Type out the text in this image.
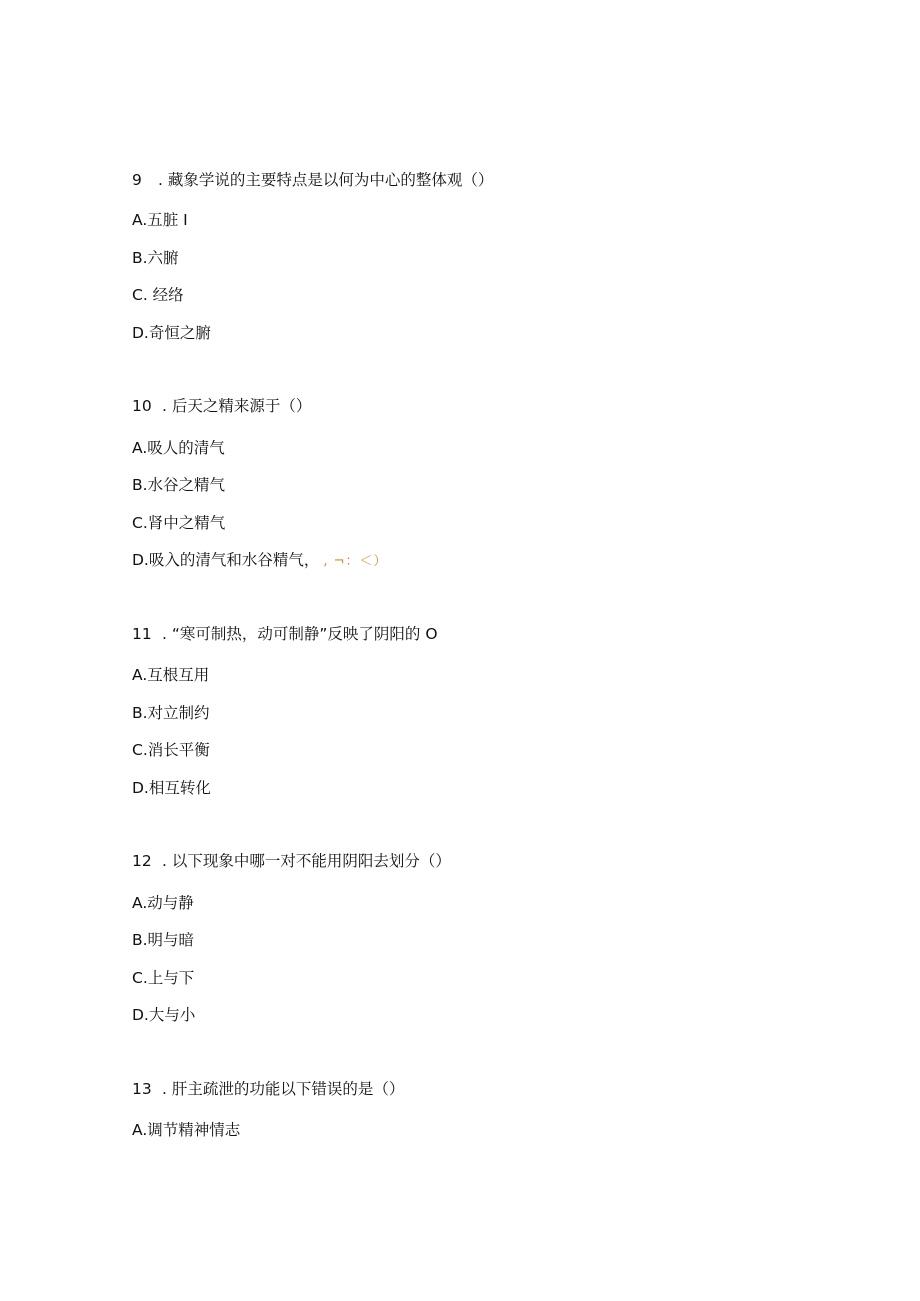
9 . 藏象学说的主要特点是以何为中心的整体观（）
A.五脏 I
B.六腑
C. 经络
D.奇恒之腑
10 . 后天之精来源于（）
A.吸人的清气
B.水谷之精气
C.肾中之精气
D.吸入的清气和水谷精气， , ¬：＜）
11 . “寒可制热，动可制静”反映了阴阳的 O
A.互根互用
B.对立制约
C.消长平衡
D.相互转化
12 . 以下现象中哪一对不能用阴阳去划分（）
A.动与静
B.明与暗
C.上与下
D.大与小
13 . 肝主疏泄的功能以下错误的是（）
A.调节精神情志
